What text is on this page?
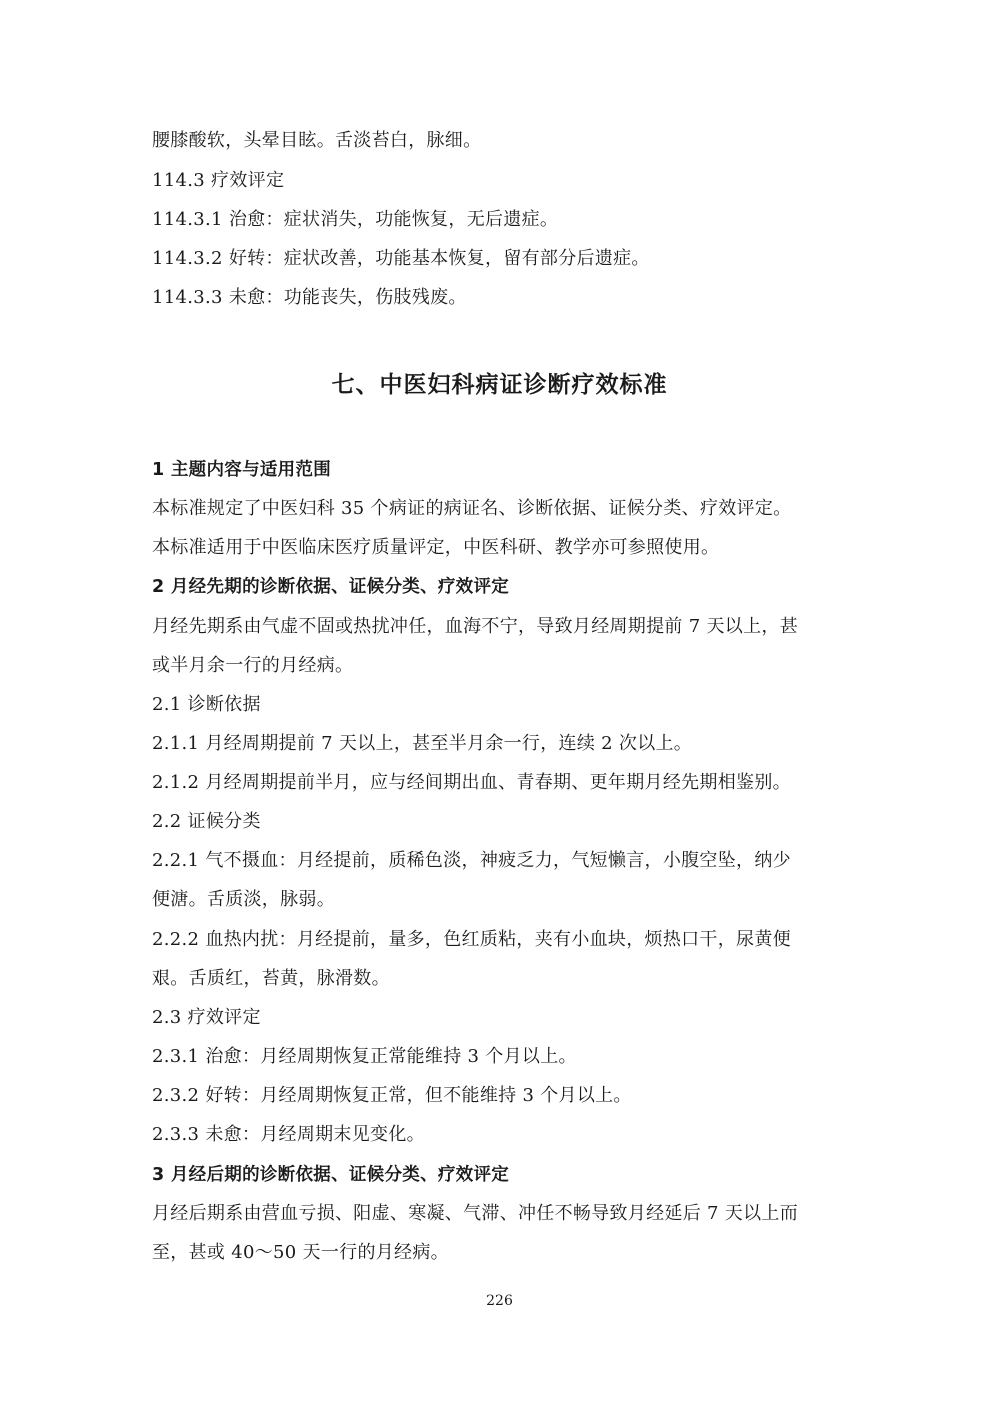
腰膝酸软，头晕目眩。舌淡苔白，脉细。
114.3 疗效评定
114.3.1 治愈：症状消失，功能恢复，无后遗症。
114.3.2 好转：症状改善，功能基本恢复，留有部分后遗症。
114.3.3 未愈：功能丧失，伤肢残废。
七、中医妇科病证诊断疗效标准
1 主题内容与适用范围
本标准规定了中医妇科 35 个病证的病证名、诊断依据、证候分类、疗效评定。
本标准适用于中医临床医疗质量评定，中医科研、教学亦可参照使用。
2 月经先期的诊断依据、证候分类、疗效评定
月经先期系由气虚不固或热扰冲任，血海不宁，导致月经周期提前 7 天以上，甚
或半月余一行的月经病。
2.1 诊断依据
2.1.1 月经周期提前 7 天以上，甚至半月余一行，连续 2 次以上。
2.1.2 月经周期提前半月，应与经间期出血、青春期、更年期月经先期相鉴别。
2.2 证候分类
2.2.1 气不摄血：月经提前，质稀色淡，神疲乏力，气短懒言，小腹空坠，纳少
便溏。舌质淡，脉弱。
2.2.2 血热内扰：月经提前，量多，色红质粘，夹有小血块，烦热口干，尿黄便
艰。舌质红，苔黄，脉滑数。
2.3 疗效评定
2.3.1 治愈：月经周期恢复正常能维持 3 个月以上。
2.3.2 好转：月经周期恢复正常，但不能维持 3 个月以上。
2.3.3 未愈：月经周期末见变化。
3 月经后期的诊断依据、证候分类、疗效评定
月经后期系由营血亏损、阳虚、寒凝、气滞、冲任不畅导致月经延后 7 天以上而
至，甚或 40～50 天一行的月经病。
226
